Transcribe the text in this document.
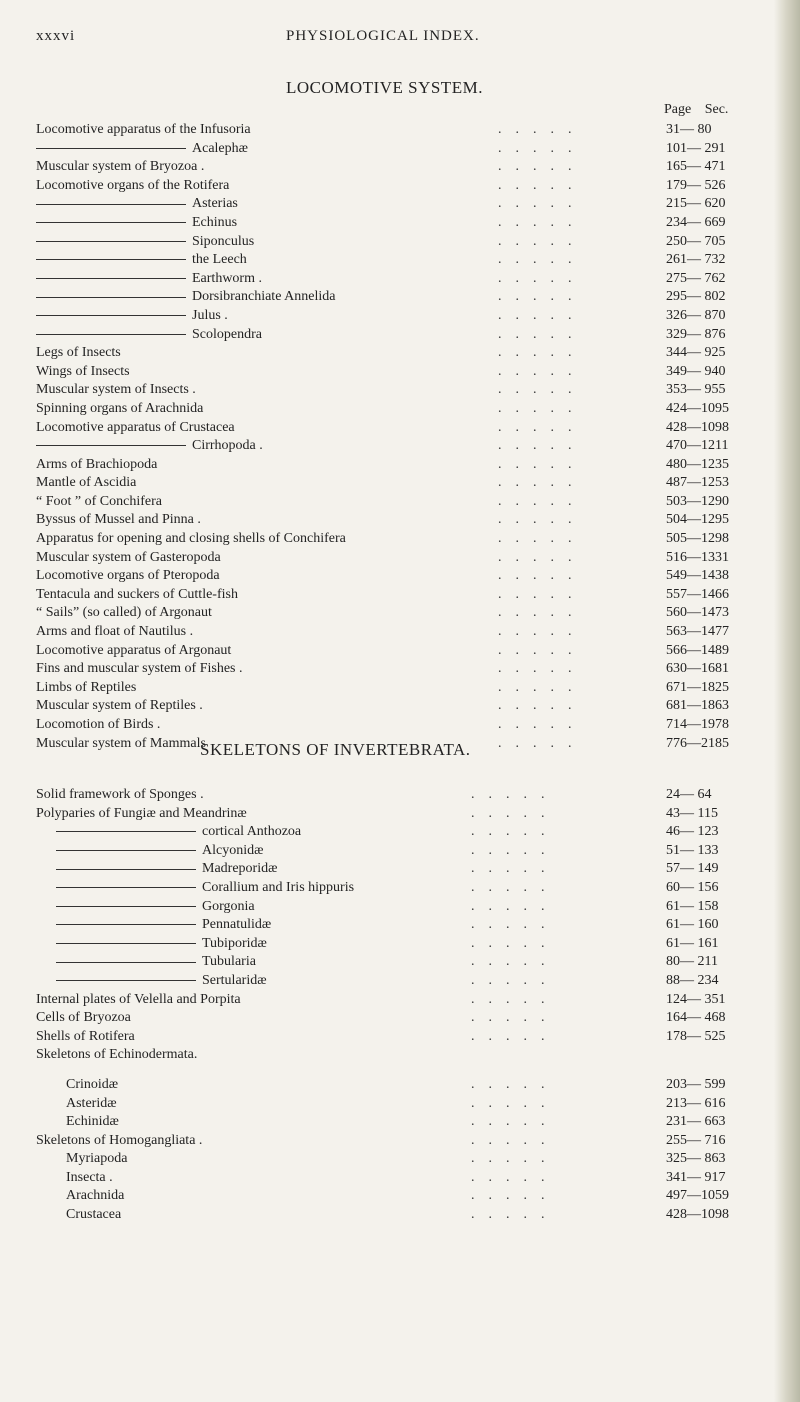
xxxvi	PHYSIOLOGICAL INDEX.
LOCOMOTIVE SYSTEM.
Page Sec.
Locomotive apparatus of the Infusoria	.....	31— 80
Acalephæ	.....	101— 291
Muscular system of Bryozoa .	.....	165— 471
Locomotive organs of the Rotifera	.....	179— 526
Asterias	.....	215— 620
Echinus	.....	234— 669
Siponculus	.....	250— 705
the Leech	.....	261— 732
Earthworm .	.....	275— 762
Dorsibranchiate Annelida	.....	295— 802
Julus .	.....	326— 870
Scolopendra	.....	329— 876
Legs of Insects	.....	344— 925
Wings of Insects	.....	349— 940
Muscular system of Insects .	.....	353— 955
Spinning organs of Arachnida	.....	424—1095
Locomotive apparatus of Crustacea	.....	428—1098
Cirrhopoda .	.....	470—1211
Arms of Brachiopoda	.....	480—1235
Mantle of Ascidia	.....	487—1253
“ Foot ” of Conchifera	.....	503—1290
Byssus of Mussel and Pinna .	.....	504—1295
Apparatus for opening and closing shells of Conchifera	.....	505—1298
Muscular system of Gasteropoda	.....	516—1331
Locomotive organs of Pteropoda	.....	549—1438
Tentacula and suckers of Cuttle-fish	.....	557—1466
“ Sails” (so called) of Argonaut	.....	560—1473
Arms and float of Nautilus .	.....	563—1477
Locomotive apparatus of Argonaut	.....	566—1489
Fins and muscular system of Fishes .	.....	630—1681
Limbs of Reptiles	.....	671—1825
Muscular system of Reptiles .	.....	681—1863
Locomotion of Birds .	.....	714—1978
Muscular system of Mammals	.....	776—2185
SKELETONS OF INVERTEBRATA.
Solid framework of Sponges .	.....	24— 64
Polyparies of Fungiæ and Meandrinæ	.....	43— 115
cortical Anthozoa	.....	46— 123
Alcyonidæ	.....	51— 133
Madreporidæ	.....	57— 149
Corallium and Iris hippuris	.....	60— 156
Gorgonia	.....	61— 158
Pennatulidæ	.....	61— 160
Tubiporidæ	.....	61— 161
Tubularia	.....	80— 211
Sertularidæ	.....	88— 234
Internal plates of Velella and Porpita	.....	124— 351
Cells of Bryozoa	.....	164— 468
Shells of Rotifera	.....	178— 525
Skeletons of Echinodermata.
Crinoidæ	.....	203— 599
Asteridæ	.....	213— 616
Echinidæ	.....	231— 663
Skeletons of Homogangliata .	.....	255— 716
Myriapoda	.....	325— 863
Insecta .	.....	341— 917
Arachnida	.....	497—1059
Crustacea	.....	428—1098
